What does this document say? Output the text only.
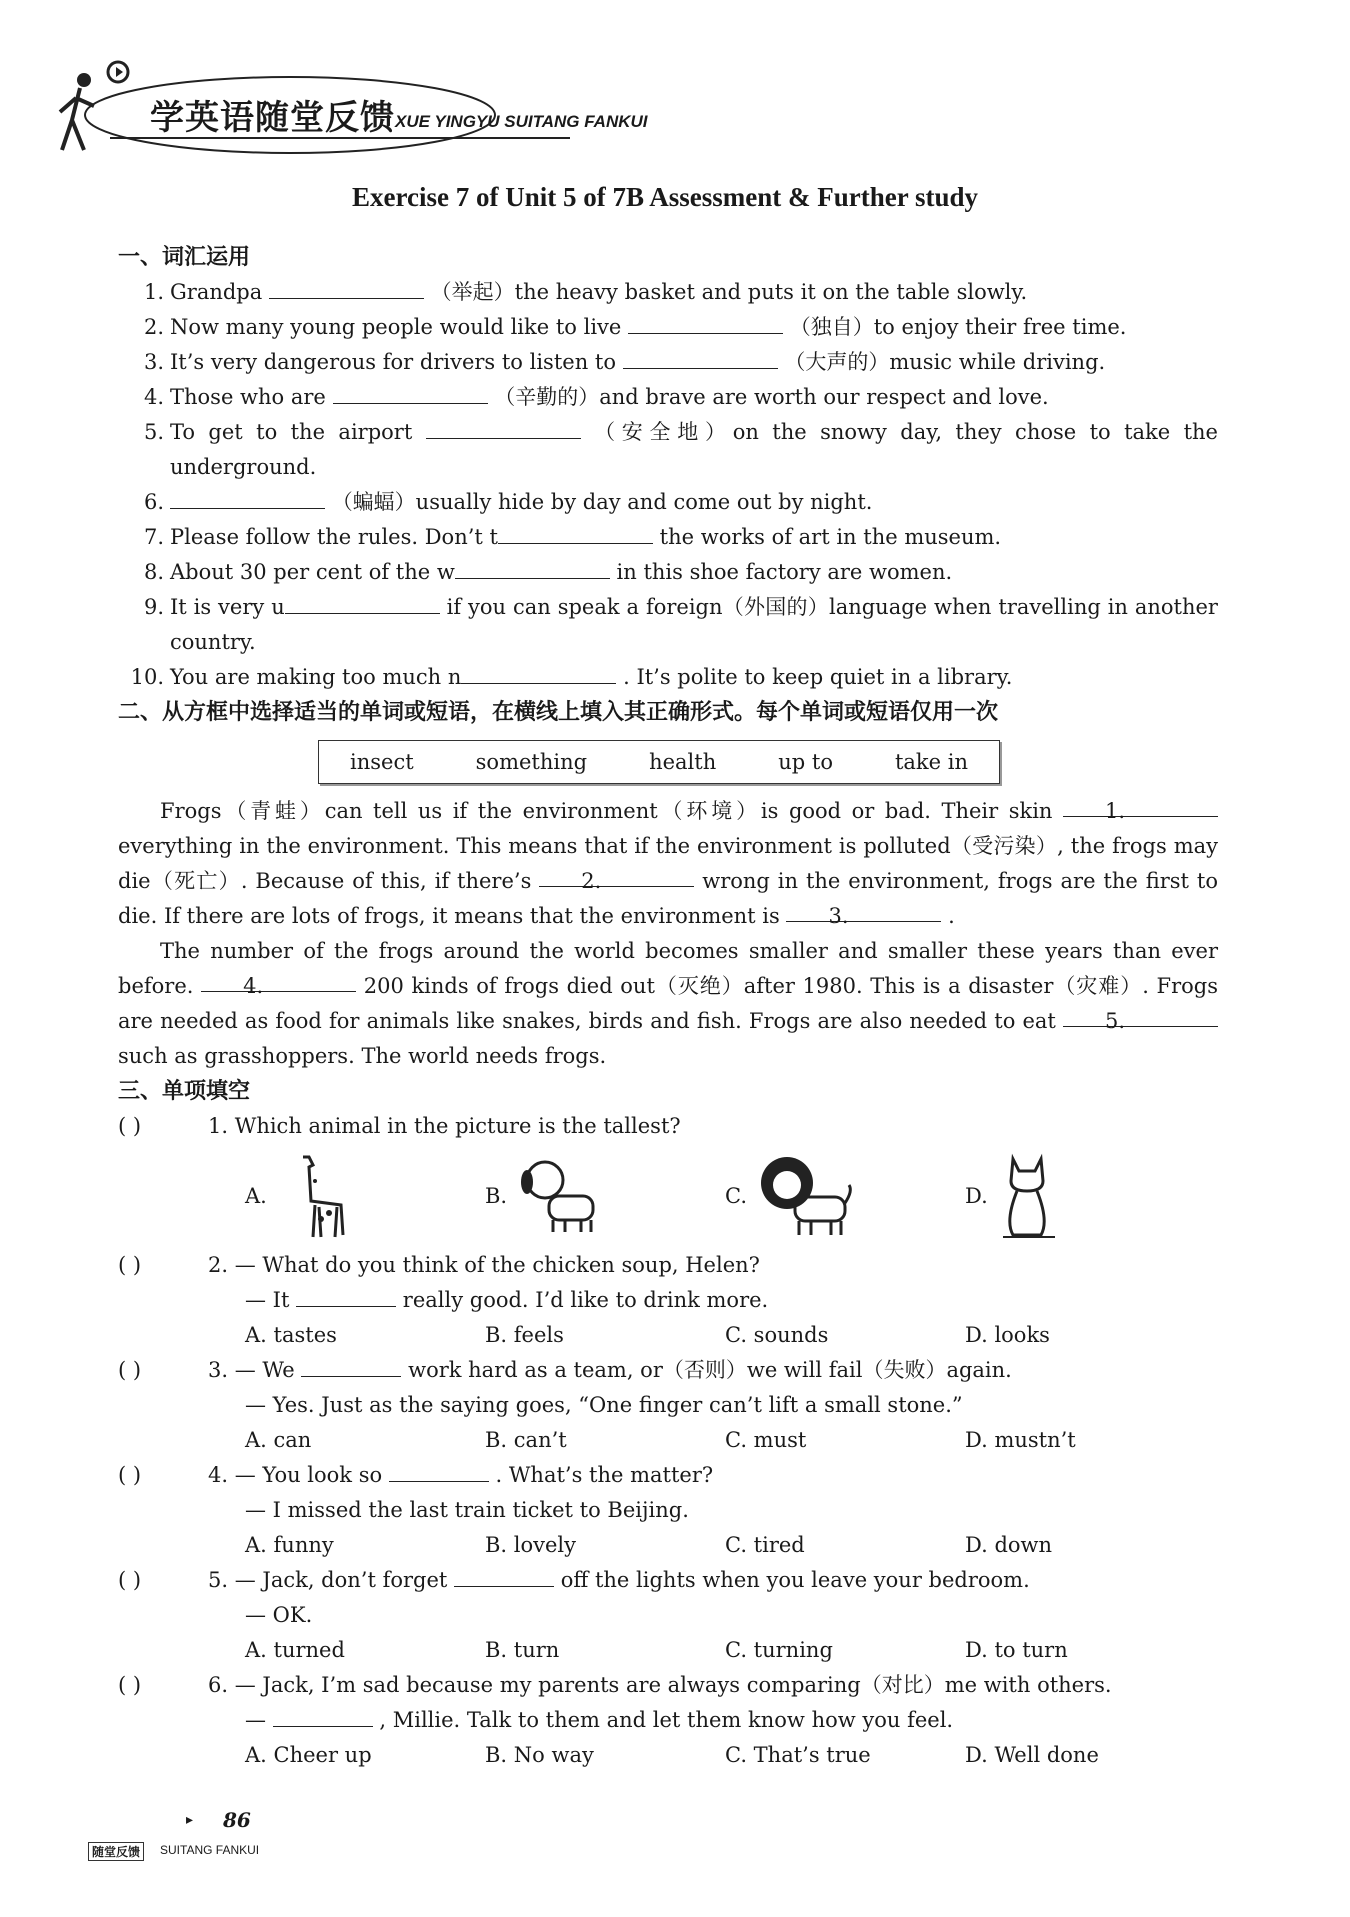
学英语随堂反馈 XUE YINGYU SUITANG FANKUI
Exercise 7 of Unit 5 of 7B Assessment & Further study
一、词汇运用
1. Grandpa	（举起）the heavy basket and puts it on the table slowly.
2. Now many young people would like to live	（独自）to enjoy their free time.
3. It’s very dangerous for drivers to listen to	（大声的）music while driving.
4. Those who are	（辛勤的）and brave are worth our respect and love.
5. To get to the airport	（安全地）on the snowy day, they chose to take the underground.
6.	（蝙蝠）usually hide by day and come out by night.
7. Please follow the rules. Don’t t	the works of art in the museum.
8. About 30 per cent of the w	in this shoe factory are women.
9. It is very u	if you can speak a foreign（外国的）language when travelling in another country.
10. You are making too much n	. It’s polite to keep quiet in a library.
二、从方框中选择适当的单词或短语，在横线上填入其正确形式。每个单词或短语仅用一次
insect	something	health	up to	take in
Frogs（青蛙）can tell us if the environment（环境）is good or bad. Their skin	1. everything in the environment. This means that if the environment is polluted（受污染）, the frogs may die（死亡）. Because of this, if there’s 2.	wrong in the environment, frogs are the first to die. If there are lots of frogs, it means that the environment is 3.	.
The number of the frogs around the world becomes smaller and smaller these years than ever before. 4.	200 kinds of frogs died out（灭绝）after 1980. This is a disaster（灾难）. Frogs are needed as food for animals like snakes, birds and fish. Frogs are also needed to eat 5. such as grasshoppers. The world needs frogs.
三、单项填空
( )	1. Which animal in the picture is the tallest?
A.	B.	C.	D.
( )	2. — What do you think of the chicken soup, Helen?
— It	really good. I’d like to drink more.
A. tastes	B. feels	C. sounds	D. looks
( )	3. — We	work hard as a team, or（否则）we will fail（失败）again.
— Yes. Just as the saying goes, “One finger can’t lift a small stone.”
A. can	B. can’t	C. must	D. mustn’t
( )	4. — You look so	. What’s the matter?
— I missed the last train ticket to Beijing.
A. funny	B. lovely	C. tired	D. down
( )	5. — Jack, don’t forget	off the lights when you leave your bedroom.
— OK.
A. turned	B. turn	C. turning	D. to turn
( )	6. — Jack, I’m sad because my parents are always comparing（对比）me with others.
—	, Millie. Talk to them and let them know how you feel.
A. Cheer up	B. No way	C. That’s true	D. Well done
▸ 86
随堂反馈	SUITANG FANKUI
